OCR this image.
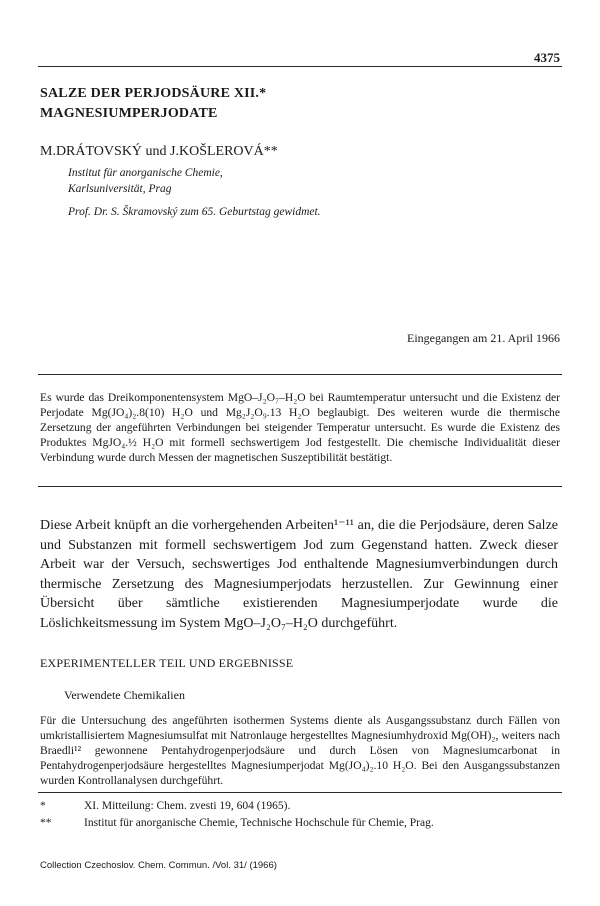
4375
SALZE DER PERJODSÄURE XII.*
MAGNESIUMPERJODATE
M.DRÁTOVSKÝ und J.KOŠLEROVÁ**
Institut für anorganische Chemie,
Karlsuniversität, Prag
Prof. Dr. S. Škramovský zum 65. Geburtstag gewidmet.
Eingegangen am 21. April 1966
Es wurde das Dreikomponentensystem MgO–J₂O₇–H₂O bei Raumtemperatur untersucht und die Existenz der Perjodate Mg(JO₄)₂.8(10) H₂O und Mg₂J₂O₉.13 H₂O beglaubigt. Des weiteren wurde die thermische Zersetzung der angeführten Verbindungen bei steigender Temperatur untersucht. Es wurde die Existenz des Produktes MgJO₄.½ H₂O mit formell sechswertigem Jod festgestellt. Die chemische Individualität dieser Verbindung wurde durch Messen der magnetischen Suszeptibilität bestätigt.
Diese Arbeit knüpft an die vorhergehenden Arbeiten¹⁻¹¹ an, die die Perjodsäure, deren Salze und Substanzen mit formell sechswertigem Jod zum Gegenstand hatten. Zweck dieser Arbeit war der Versuch, sechswertiges Jod enthaltende Magnesiumverbindungen durch thermische Zersetzung des Magnesiumperjodats herzustellen. Zur Gewinnung einer Übersicht über sämtliche existierenden Magnesiumperjodate wurde die Löslichkeitsmessung im System MgO–J₂O₇–H₂O durchgeführt.
EXPERIMENTELLER TEIL UND ERGEBNISSE
Verwendete Chemikalien
Für die Untersuchung des angeführten isothermen Systems diente als Ausgangssubstanz durch Fällen von umkristallisiertem Magnesiumsulfat mit Natronlauge hergestelltes Magnesiumhydroxid Mg(OH)₂, weiters nach Braedli¹² gewonnene Pentahydrogenperjodsäure und durch Lösen von Magnesiumcarbonat in Pentahydrogenperjodsäure hergestelltes Magnesiumperjodat Mg(JO₄)₂.10 H₂O. Bei den Ausgangssubstanzen wurden Kontrollanalysen durchgeführt.
*	XI. Mitteilung: Chem. zvesti 19, 604 (1965).
**	Institut für anorganische Chemie, Technische Hochschule für Chemie, Prag.
Collection Czechoslov. Chem. Commun. /Vol. 31/ (1966)
